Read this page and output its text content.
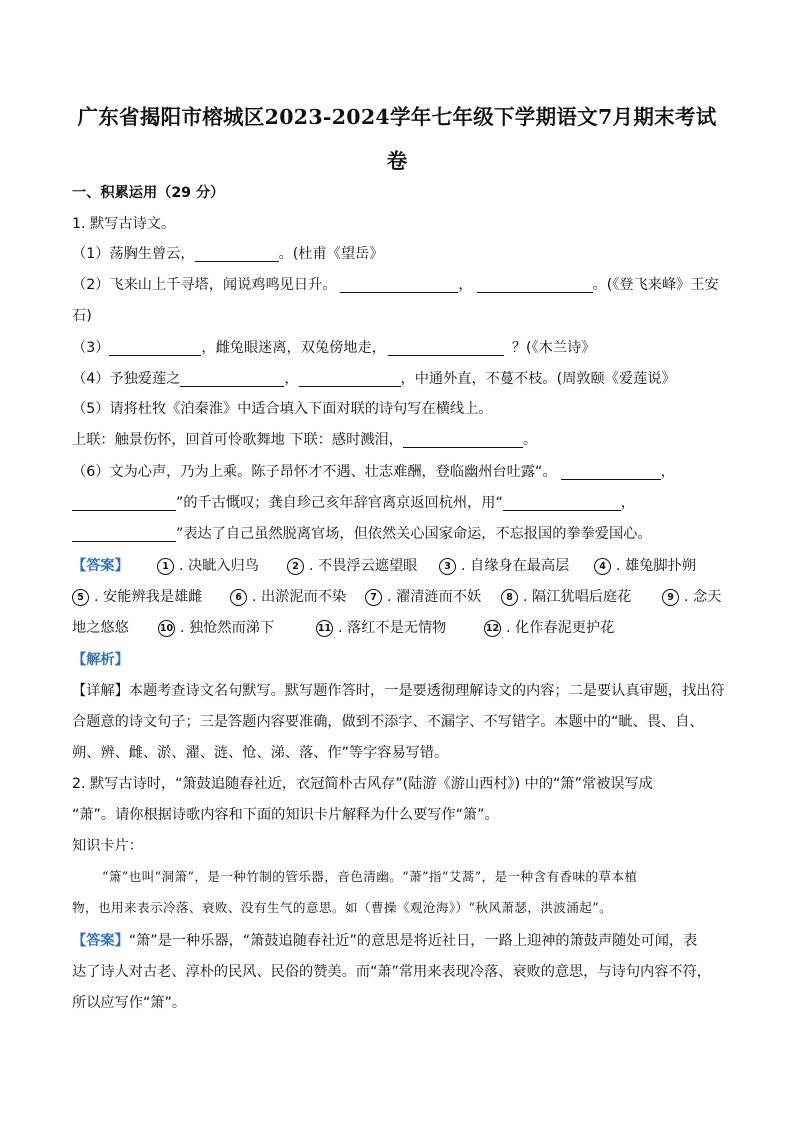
广东省揭阳市榕城区2023-2024学年七年级下学期语文7月期末考试
卷
一、积累运用（29 分）
1. 默写古诗文。
（1）荡胸生曾云，	。(杜甫《望岳》
（2）飞来山上千寻塔，闻说鸡鸣见日升。	，	。(《登飞来峰》王安
石)
（3）	，雌兔眼迷离，双兔傍地走，	？(《木兰诗》
（4）予独爱莲之	，	，中通外直，不蔓不枝。(周敦颐《爱莲说》
（5）请将杜牧《泊秦淮》中适合填入下面对联的诗句写在横线上。
上联：触景伤怀，回首可怜歌舞地 下联：感时溅泪，	。
（6）文为心声，乃为上乘。陈子昂怀才不遇、壮志难酬，登临幽州台吐露“。	，
”的千古慨叹；龚自珍己亥年辞官离京返回杭州，用“	，
”表达了自己虽然脱离官场，但依然关心国家命运，不忘报国的拳拳爱国心。
【答案】	1 . 决眦入归鸟	2 . 不畏浮云遮望眼	3 . 自缘身在最高层	4 . 雄兔脚扑朔
5 . 安能辨我是雄雌	6 . 出淤泥而不染	7 . 濯清涟而不妖	8 . 隔江犹唱后庭花	9 . 念天
地之悠悠	10 . 独怆然而涕下	11 . 落红不是无情物	12 . 化作春泥更护花
【解析】
【详解】本题考查诗文名句默写。默写题作答时，一是要透彻理解诗文的内容；二是要认真审题，找出符
合题意的诗文句子；三是答题内容要准确，做到不添字、不漏字、不写错字。本题中的“眦、畏、自、
朔、辨、雌、淤、濯、涟、怆、涕、落、作”等字容易写错。
2. 默写古诗时，“箫鼓追随春社近，衣冠简朴古风存”(陆游《游山西村》) 中的“箫”常被误写成
“萧”。请你根据诗歌内容和下面的知识卡片解释为什么要写作“箫”。
知识卡片：
“箫”也叫“洞箫”，是一种竹制的管乐器，音色清幽。“萧”指“艾蒿”，是一种含有香味的草本植
物，也用来表示冷落、衰败、没有生气的意思。如（曹操《观沧海》）“秋风萧瑟，洪波涌起”。
【答案】“箫”是一种乐器，“箫鼓追随春社近”的意思是将近社日，一路上迎神的箫鼓声随处可闻，表
达了诗人对古老、淳朴的民风、民俗的赞美。而“萧”常用来表现冷落、衰败的意思，与诗句内容不符，
所以应写作“箫”。
